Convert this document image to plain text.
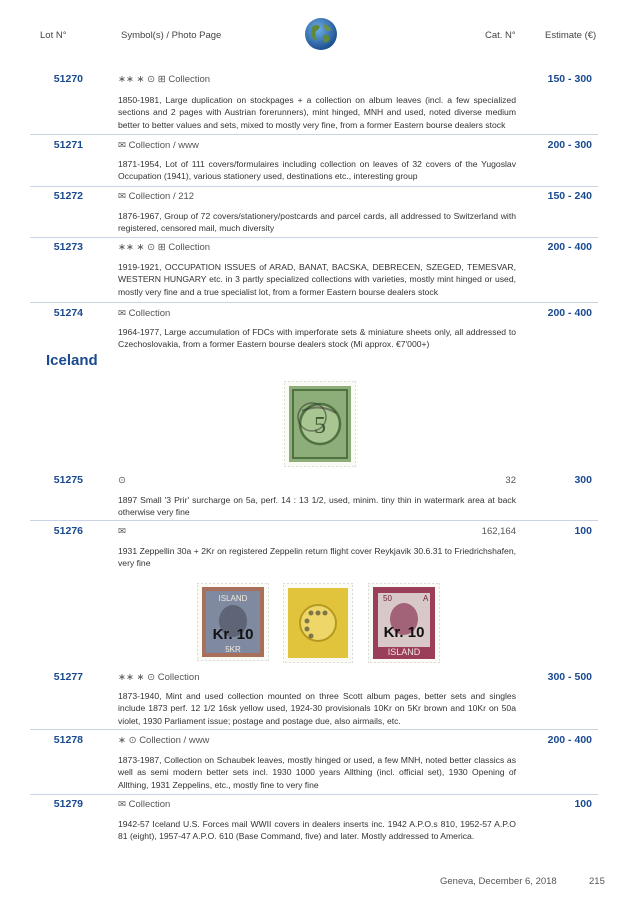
Lot N°	Symbol(s) / Photo Page	Cat. N°	Estimate (€)
51270	∗∗ ∗ ⊙ ⊞ Collection	150 - 300
1850-1981, Large duplication on stockpages + a collection on album leaves (incl. a few specialized sections and 2 pages with Austrian forerunners), mint hinged, MNH and used, noted diverse medium better to better values and sets, mixed to mostly very fine, from a former Eastern bourse dealers stock
51271	✉ Collection / www	200 - 300
1871-1954, Lot of 111 covers/formulaires including collection on leaves of 32 covers of the Yugoslav Occupation (1941), various stationery used, destinations etc., interesting group
51272	✉ Collection / 212	150 - 240
1876-1967, Group of 72 covers/stationery/postcards and parcel cards, all addressed to Switzerland with registered, censored mail, much diversity
51273	∗∗ ∗ ⊙ ⊞ Collection	200 - 400
1919-1921, OCCUPATION ISSUES of ARAD, BANAT, BACSKA, DEBRECEN, SZEGED, TEMESVAR, WESTERN HUNGARY etc. in 3 partly specialized collections with varieties, mostly mint hinged or used, mostly very fine and a true specialist lot, from a former Eastern bourse dealers stock
51274	✉ Collection	200 - 400
1964-1977, Large accumulation of FDCs with imperforate sets & miniature sheets only, all addressed to Czechoslovakia, from a former Eastern bourse dealers stock (Mi approx. €7'000+)
Iceland
5
51275	⊙	32	300
1897 Small '3 Prir' surcharge on 5a, perf. 14 : 13 1/2, used, minim. tiny thin in watermark area at back otherwise very fine
51276	✉	162,164	100
1931 Zeppellin 30a + 2Kr on registered Zeppelin return flight cover Reykjavik 30.6.31 to Friedrichshafen, very fine
ISLAND
Kr. 10
5KR
50	A
Kr. 10
ISLAND
51277	∗∗ ∗ ⊙ Collection	300 - 500
1873-1940, Mint and used collection mounted on three Scott album pages, better sets and singles include 1873 perf. 12 1/2 16sk yellow used, 1924-30 provisionals 10Kr on 5Kr brown and 10Kr on 50a violet, 1930 Parliament issue; postage and postage due, also airmails, etc.
51278	∗ ⊙ Collection / www	200 - 400
1873-1987, Collection on Schaubek leaves, mostly hinged or used, a few MNH, noted better classics as well as semi modern better sets incl. 1930 1000 years Allthing (incl. official set), 1930 Opening of Allthing, 1931 Zeppelins, etc., mostly fine to very fine
51279	✉ Collection	100
1942-57 Iceland U.S. Forces mail WWII covers in dealers inserts inc. 1942 A.P.O.s 810, 1952-57 A.P.O 81 (eight), 1957-47 A.P.O. 610 (Base Command, five) and later. Mostly addressed to America.
Geneva, December 6, 2018	215
